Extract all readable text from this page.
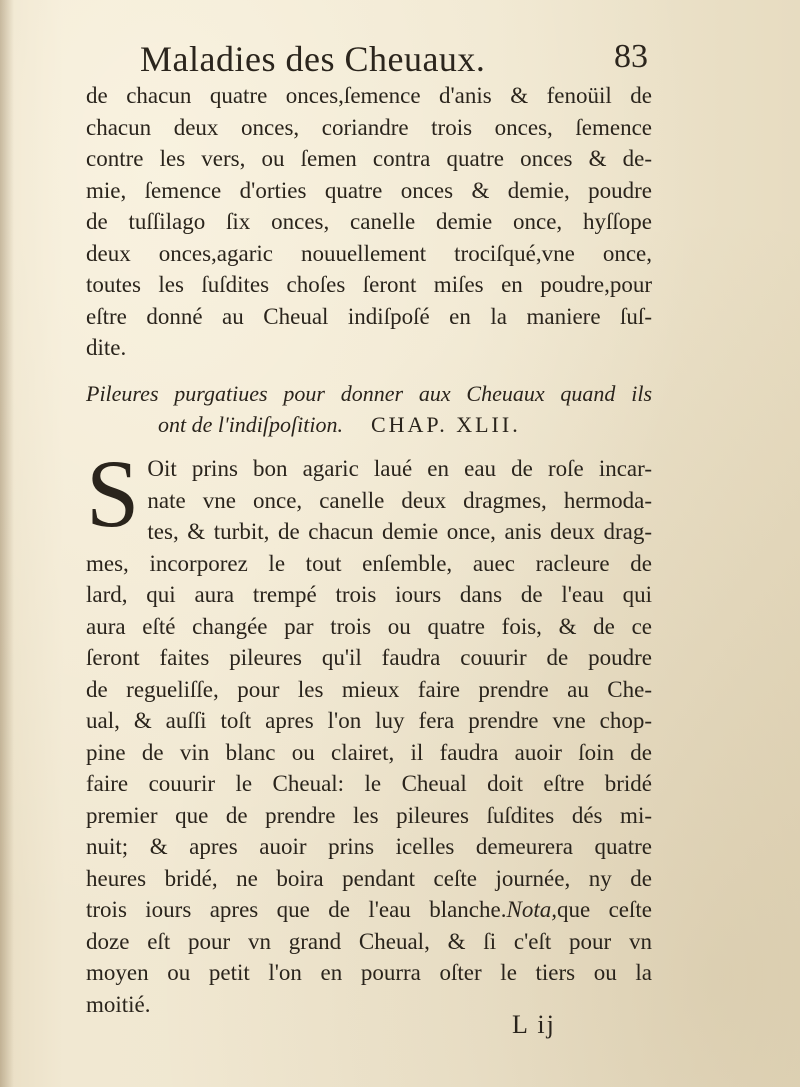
Maladies des Cheuaux.	83
de chacun quatre onces,ſemence d'anis & fenoüil de
chacun deux onces, coriandre trois onces, ſemence
contre les vers, ou ſemen contra quatre onces & de-
mie, ſemence d'orties quatre onces & demie, poudre
de tuſſilago ſix onces, canelle demie once, hyſſope
deux onces,agaric nouuellement trociſqué,vne once,
toutes les ſuſdites choſes ſeront miſes en poudre,pour
eſtre donné au Cheual indiſpoſé en la maniere ſuſ-
dite.
Pileures purgatiues pour donner aux Cheuaux quand ils
ont de l'indiſpoſition. CHAP. XLII.
S Oit prins bon agaric laué en eau de roſe incar-
nate vne once, canelle deux dragmes, hermoda-
tes, & turbit, de chacun demie once, anis deux drag-
mes, incorporez le tout enſemble, auec racleure de
lard, qui aura trempé trois iours dans de l'eau qui
aura eſté changée par trois ou quatre fois, & de ce
ſeront faites pileures qu'il faudra couurir de poudre
de regueliſſe, pour les mieux faire prendre au Che-
ual, & auſſi toſt apres l'on luy fera prendre vne chop-
pine de vin blanc ou clairet, il faudra auoir ſoin de
faire couurir le Cheual: le Cheual doit eſtre bridé
premier que de prendre les pileures ſuſdites dés mi-
nuit; & apres auoir prins icelles demeurera quatre
heures bridé, ne boira pendant ceſte journée, ny de
trois iours apres que de l'eau blanche.Nota,que ceſte
doze eſt pour vn grand Cheual, & ſi c'eſt pour vn
moyen ou petit l'on en pourra oſter le tiers ou la
moitié.
L ij
